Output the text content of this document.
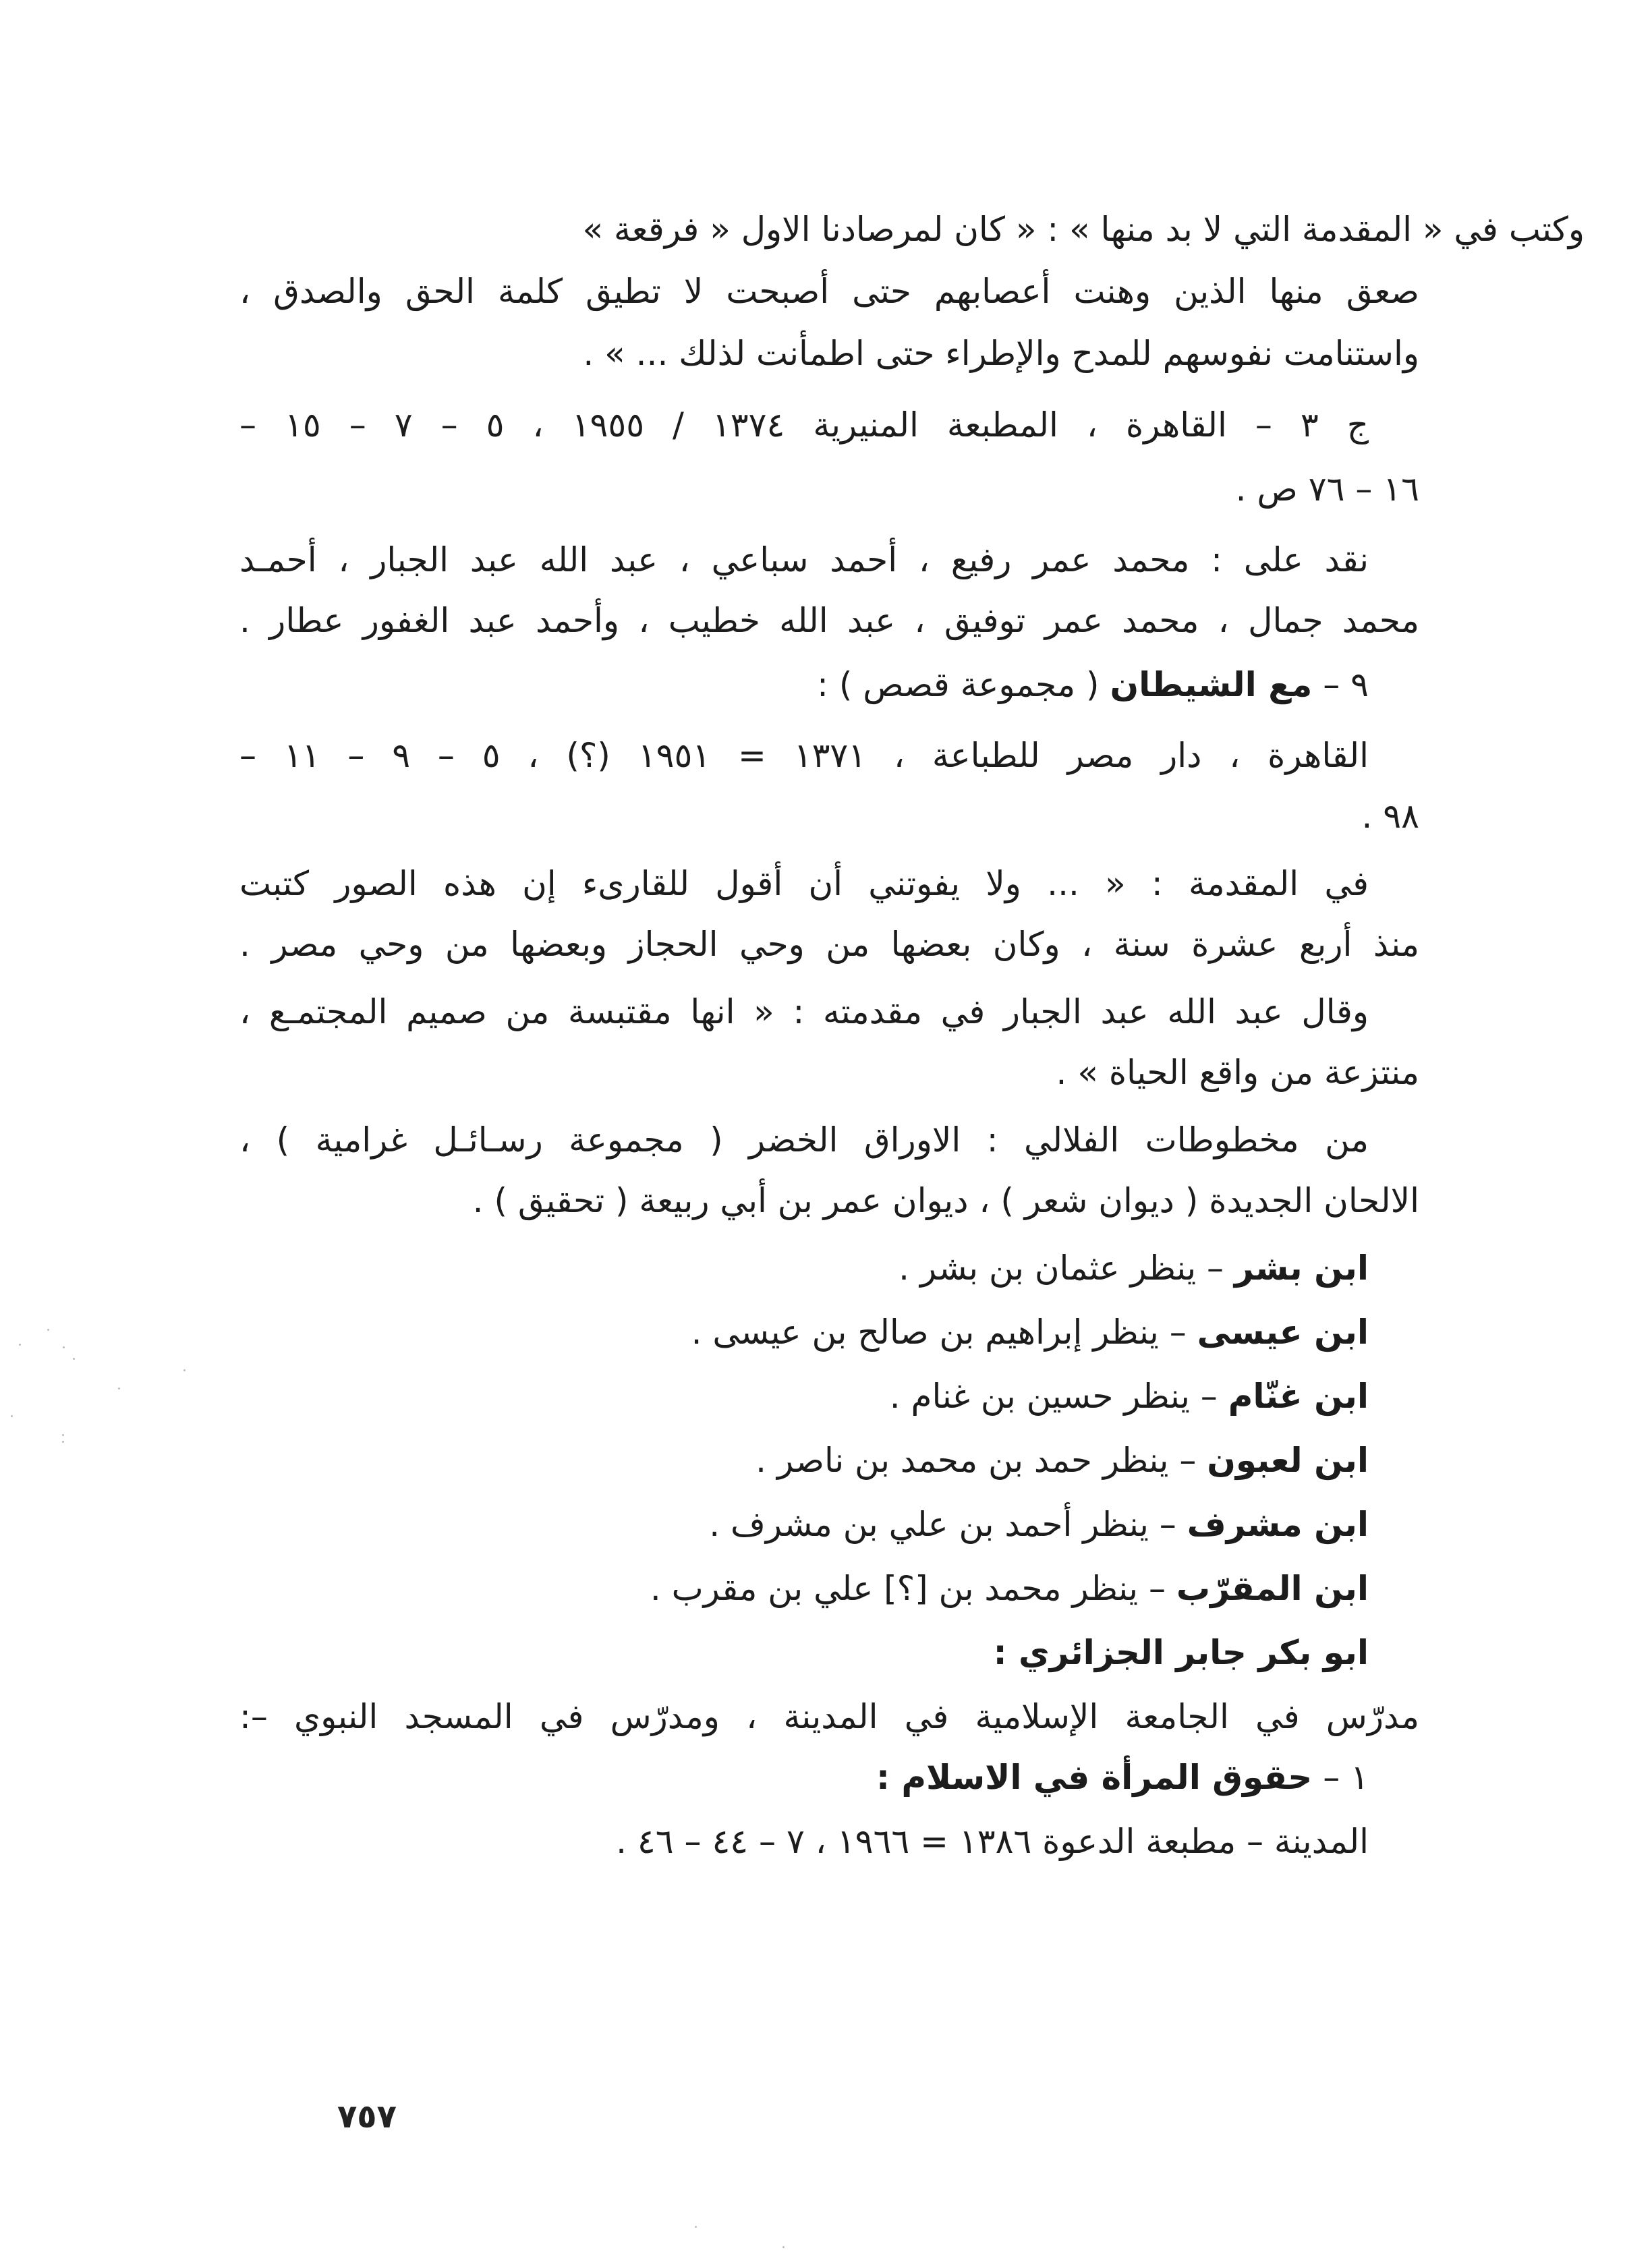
وكتب في « المقدمة التي لا بد منها » : « كان لمرصادنا الاول « فرقعة »
صعق منها الذين وهنت أعصابهم حتى أصبحت لا تطيق كلمة الحق والصدق ،
واستنامت نفوسهم للمدح والإطراء حتى اطمأنت لذلك ... » .
ج ٣ – القاهرة ، المطبعة المنيرية ١٣٧٤ / ١٩٥٥ ، ٥ – ٧ – ١٥ –
١٦ – ٧٦ ص .
نقد على : محمد عمر رفيع ، أحمد سباعي ، عبد الله عبد الجبار ، أحمـد
محمد جمال ، محمد عمر توفيق ، عبد الله خطيب ، وأحمد عبد الغفور عطار .
٩ – مع الشيطان ( مجموعة قصص ) :
القاهرة ، دار مصر للطباعة ، ١٣٧١ = ١٩٥١ (؟) ، ٥ – ٩ – ١١ –
٩٨ .
في المقدمة : « ... ولا يفوتني أن أقول للقارىء إن هذه الصور كتبت
منذ أربع عشرة سنة ، وكان بعضها من وحي الحجاز وبعضها من وحي مصر .
وقال عبد الله عبد الجبار في مقدمته : « انها مقتبسة من صميم المجتمـع ،
منتزعة من واقع الحياة » .
من مخطوطات الفلالي : الاوراق الخضر ( مجموعة رسـائـل غرامية ) ،
الالحان الجديدة ( ديوان شعر ) ، ديوان عمر بن أبي ربيعة ( تحقيق ) .
ابن بشر – ينظر عثمان بن بشر .
ابن عيسى – ينظر إبراهيم بن صالح بن عيسى .
ابن غنّام – ينظر حسين بن غنام .
ابن لعبون – ينظر حمد بن محمد بن ناصر .
ابن مشرف – ينظر أحمد بن علي بن مشرف .
ابن المقرّب – ينظر محمد بن [؟] علي بن مقرب .
ابو بكر جابر الجزائري :
مدرّس في الجامعة الإسلامية في المدينة ، ومدرّس في المسجد النبوي –:
١ – حقوق المرأة في الاسلام :
المدينة – مطبعة الدعوة ١٣٨٦ = ١٩٦٦ ، ٧ – ٤٤ – ٤٦ .
٧٥٧
